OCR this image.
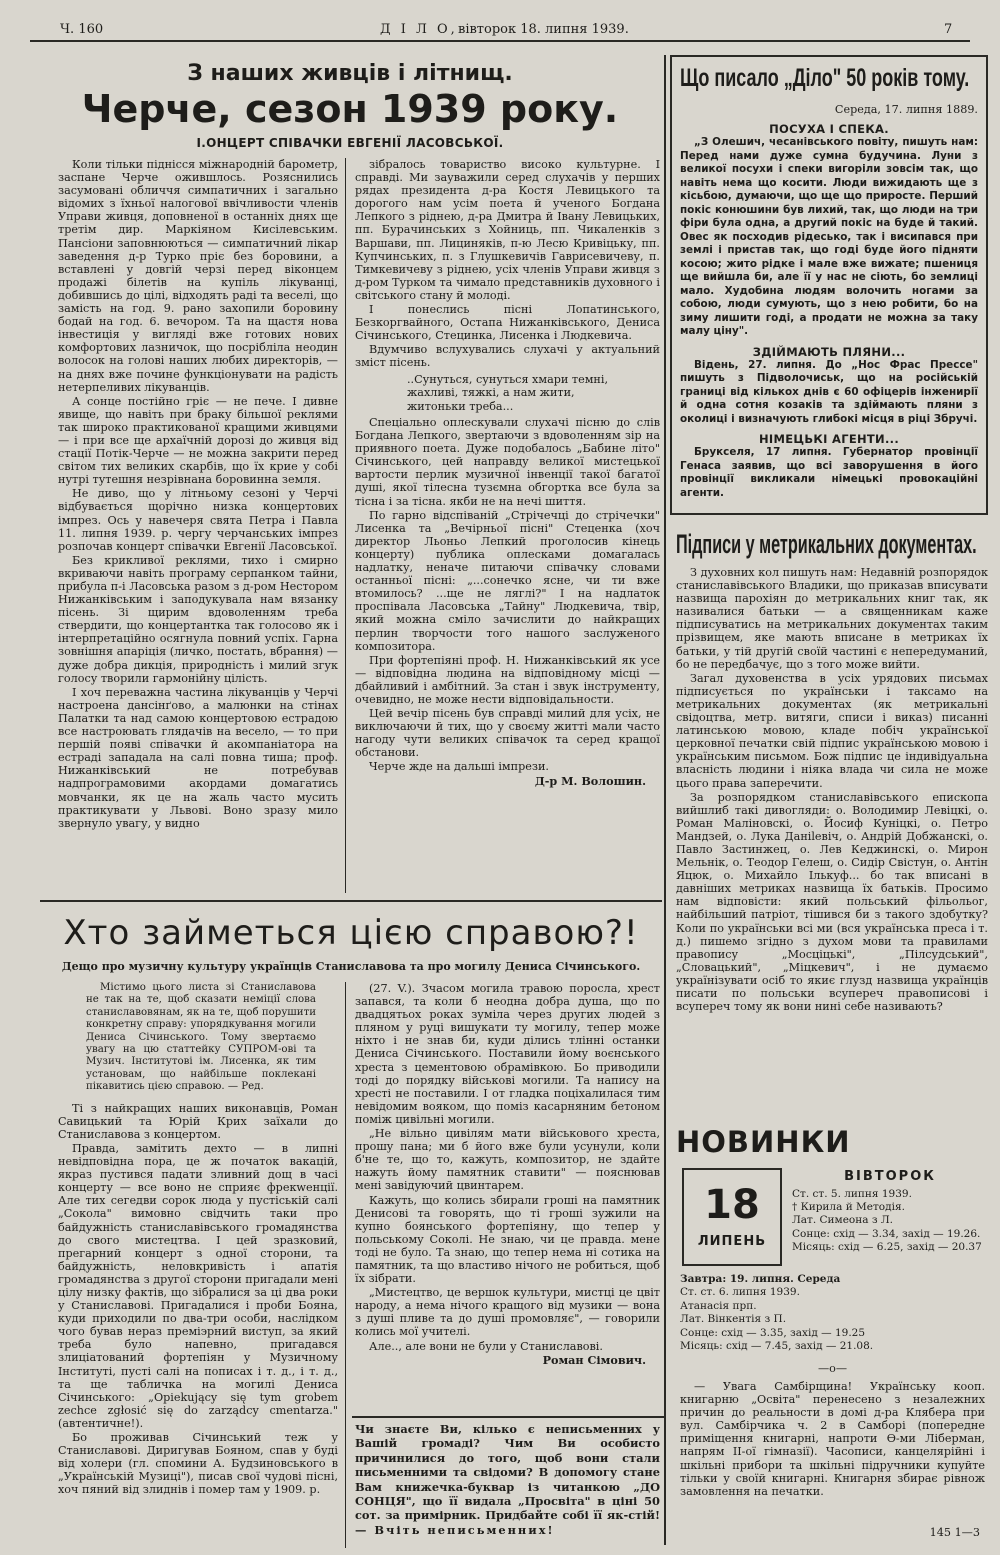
Ч. 160	Д І Л О, вівторок 18. липня 1939.	7
З наших живців і літнищ.
Черче, сезон 1939 року.
І.ОНЦЕРТ СПІВАЧКИ ЕВГЕНІЇ ЛАСОВСЬКОЇ.

Коли тільки піднісся міжнародній барометр, заспане Черче ожившлось. Розяснились засумовані обличчя симпатичних і загально відомих з їхньої налогової ввічливости членів Управи живця, доповненої в останніх днях ще третім дир. Маркіяном Кисілевським. Пансіони заповнюються — симпатичний лікар заведення д-р Турко пріє без боровини, а вставлені у довгій черзі перед віконцем продажі білетів на купіль лікуванці, добившись до цілі, відходять раді та веселі, що замість на год. 9. рано захопили боровину бодай на год. 6. вечором. Та на щастя нова інвестиція у вигляді вже готових нових комфортових лазничок, що посрібліла неодин волосок на голові наших любих директорів, — на днях вже почине функціонувати на радість нетерпеливих лікуванців.

А сонце постійно гріє — не пече. І дивне явище, що навіть при браку більшої реклями так широко практикованої кращими живцями — і при все ще архаїчній дорозі до живця від стації Потік-Черче — не можна закрити перед світом тих великих скарбів, що їх крие у собі нутрі тутешня незрівнана боровинна земля.

Не диво, що у літньому сезоні у Черчі відбувається щорічно низка концертових імпрез. Ось у навечеря свята Петра і Павла 11. липня 1939. р. чергу черчанських імпрез розпочав концерт співачки Евгенії Ласовської.

Без крикливої реклями, тихо і смирно вкриваючи навіть програму серпанком тайни, прибула п-і Ласовська разом з д-ром Нестором Нижанківським і заподукувала нам вязанку пісень. Зі щирим вдоволенням треба ствердити, що концертантка так голосово як і інтерпретаційно осягнула повний успіх. Гарна зовнішня апаріція (личко, постать, вбрання) — дуже добра дикція, природність і милий згук голосу творили гармонійну цілість.

І хоч переважна частина лікуванців у Черчі настроена дансінґово, а малюнки на стінах Палатки та над самою концертовою естрадою все настроювать глядачів на весело, — то при першій появі співачки й акомпаніатора на естраді западала на салі повна тиша; проф. Нижанківський не потребував надпрограмовими акордами домагатись мовчанки, як це на жаль часто мусить практикувати у Львові. Воно зразу мило звернуло увагу, у видно

зібралось товариство високо культурне. І справді. Ми зауважили серед слухачів у перших рядах президента д-ра Костя Левицького та дорогого нам усім поета й ученого Богдана Лепкого з ріднею, д-ра Дмитра й Івану Левицьких, пп. Бурачинських з Хойниць, пп. Чикаленків з Варшави, пп. Лициняків, п-ю Лесю Кривіцьку, пп. Купчинських, п. з Глушкевичів Гаврисевичеву, п. Тимкевичеву з ріднею, усіх членів Управи живця з д-ром Турком та чимало представників духовного і світського стану й молоді.

І понеслись пісні Лопатинського, Безкоргвайного, Остапа Нижанківського, Дениса Січинського, Стецинка, Лисенка і Людкевича.

Вдумчиво вслухувались слухачі у актуальний зміст пісень.

..Сунуться, сунуться хмари темні,
жахливі, тяжкі, а нам жити,
житоньки треба...

Спеціально оплескували слухачі пісню до слів Богдана Лепкого, звертаючи з вдоволенням зір на приявного поета. Дуже подобалось „Бабине літо" Січинського, цей направду великої мистецької вартости перлик музичної інвенції такої багатої душі, якої тілесна тузємна обгортка все була за тісна і за тісна. якби не на нечі шиття.

По гарно відспіваній „Стрічечці до стрічечки" Лисенка та „Вечірньої пісні" Стеценка (хоч директор Льоньо Лепкий проголосив кінець концерту) публика оплесками домагалась надлатку, неначе питаючи співачку словами останньої пісні: „...сонечко ясне, чи ти вже втомилось? ...ще не ляглі?" І на надлаток проспівала Ласовська „Тайну" Людкевича, твір, який можна сміло зачислити до найкращих перлин творчости того нашого заслуженого композитора.

При фортепіяні проф. Н. Нижанківський як усе — відповідна людина на відповідному місці — дбайливий і амбітний. За стан і звук інструменту, очевидно, не може нести відповідальности.

Цей вечір пісень був справді милий для усіх, не виключаючи й тих, що у своєму житті мали часто нагоду чути великих співачок та серед кращої обстанови.

Черче жде на дальші імпрези.

Д-р М. Волошин.

Що писало „Діло" 50 років тому.
Середа, 17. липня 1889.
ПОСУХА І СПЕКА.

„З Олешич, чесанівського повіту, пишуть нам: Перед нами дуже сумна будучина. Луни з великої посухи і спеки вигоріли зовсім так, що навіть нема що косити. Люди вижидають ще з кісьбою, думаючи, що ще що приросте. Перший покіс конюшини був лихий, так, що люди на три фіри була одна, а другий покіс на буде й такий. Овес як посходив рідесько, так і висипався при землі і пристав так, що годі буде його підняти косою; жито рідке і мале вже вижате; пшениця ще вийшла би, але її у нас не сіють, бо землиці мало. Худобина людям волочить ногами за собою, люди сумують, що з нею робити, бо на зиму лишити годі, а продати не можна за таку малу ціну".

ЗДІЙМАЮТЬ ПЛЯНИ...

Відень, 27. липня. До „Нос Фрас Прессе" пишуть з Підволочиськ, що на російській границі від кількох днів є 60 офіцерів інженирії й одна сотня козаків та здіймають пляни з околиці і визначують глибокі місця в ріці Збручі.

НІМЕЦЬКІ АГЕНТИ...

Брукселя, 17 липня. Губернатор провінції Генаса заявив, що всі заворушення в його провінції викликали німецькі провокаційні агенти.

Підписи у метрикальних документах.

З духовних кол пишуть нам: Недавній розпорядок станиславівського Владики, що приказав вписувати назвища парохіян до метрикальних книг так, як називалися батьки — а священникам каже підписуватись на метрикальних документах таким прізвищем, яке мають вписане в метриках їх батьки, у тій другій своїй частині є непередуманий, бо не передбачує, що з того може вийти.

Загал духовенства в усіх урядових письмах підписується по українськи і таксамо на метрикальних документах (як метрикальні свідоцтва, метр. витяги, списи і виказ) писанні латинською мовою, кладе побіч української церковної печатки свій підпис українською мовою і українським письмом. Бож підпис це індивідуальна власність людини і ніяка влада чи сила не може цього права заперечити.

За розпорядком станиславівського епископа вийшлиб такі дивогляди: о. Володимир Левіцкі, о. Роман Маліновскі, о. Йосиф Куніцкі, о. Петро Мандзей, о. Лука Даніlевіч, о. Андрій Добжанскі, о. Павло Застинжец, о. Лев Кеджинскі, о. Мирон Мельнік, о. Теодор Гелеш, о. Сидір Свістун, о. Антін Яцюк, о. Михайло Ількуф... бо так вписані в давніших метриках назвища їх батьків. Просимо нам відповісти: який польський фільольог, найбільший патріот, тішився би з такого здобутку? Коли по українськи всі ми (вся українська преса і т. д.) пишемо згідно з духом мови та правилами правопису „Мосціцькі", „Пілсудський", „Словацький", „Міцкевич", і не думаємо українізувати осіб то якиє глузд назвища українців писати по польськи всупереч правописові і всупереч тому як вони нині себе називають?

НОВИНКИ
18
ЛИПЕНЬ
ВІВТОРОК
Ст. ст. 5. липня 1939.
† Кирила й Методія.
Лат. Симеона з Л.
Сонце: схід — 3.34, захід — 19.26.
Місяць: схід — 6.25, захід — 20.37
Завтра: 19. липня. Середа
Ст. ст. 6. липня 1939.
Атанасія прп.
Лат. Вінкентія з П.
Сонце: схід — 3.35, захід — 19.25
Місяць: схід — 7.45, захід — 21.08.
—o—

— Увага Самбірщина! Українську кооп. книгарню „Освіта" перенесено з незалежних причин до реальности в домі д-ра Клябера при вул. Самбірчика ч. 2 в Самборі (попередне приміщення книгарні, напроти Ѳ-ми Ліберман, напрям II-ої гімназії). Часописи, канцелярійні і шкільні прибори та шкільні підручники купуйте тільки у своїй книгарні. Книгарня збирає рівнож замовлення на печатки.

145 1—3
Хто займеться цією справою?!
Дещо про музичну культуру українців Станиславова та про могилу Дениса Січинського.

Містимо цього листа зі Станиславова не так на те, щоб сказати неміції слова станиславовянам, як на те, щоб порушити конкретну справу: упорядкування могили Дениса Січинського. Тому звертаємо увагу на цю статтейку СУПРОМ-ові та Музич. Інститутові ім. Лисенка, як тим установам, що найбільше поклекані пікавитись цією справою. — Ред.

Ті з найкращих наших виконавців, Роман Савицький та Юрій Крих заїхали до Станиславова з концертом.

Правда, замітить дехто — в липні невідповідна пора, це ж початок вакацій, якраз пустився падати зливний дощ в часі концерту — все воно не сприяє фрекwенції. Але тих сегедви сорок люда у пустіській салі „Сокола" вимовно свідчить таки про байдужність станиславівського громадянства до свого мистецтва. І цей зразковий, прегарний концерт з одної сторони, та байдужність, неловкривість і апатія громадянства з другої сторони пригадали мені цілу низку фактів, що зібралися за ці два роки у Станиславові. Пригадалися і проби Бояна, куди приходили по два-три особи, наслідком чого бував нераз преміэрний виступ, за який треба було напевно, пригадався злиціатований фортепіян у Музичному Інституті, пусті салі на пописах і т. д., і т. д., та ще табличка на могилі Дениса Січинського: „Opiekujący się tym grobem zechce zgłosić się do zarządcy cmentarza." (автентичне!).

Бо проживав Січинський теж у Станиславові. Диригував Бояном, спав у буді від холери (гл. спомини А. Будзиновського в „Українській Музиці"), писав свої чудові пісні, хоч пяний від злиднів і помер там у 1909. р.

(27. V.). Зчасом могила травою поросла, хрест запався, та коли б неодна добра душа, що по двадцятьох роках зуміла через других людей з пляном у руці вишукати ту могилу, тепер може ніхто і не знав би, куди ділись тлінні останки Дениса Січинського. Поставили йому воєнського хреста з цементовою обрамівкою. Бо приводили тоді до порядку військові могили. Та напису на хресті не поставили. І от гладка поціхалилася тим невідомим вояком, що поміз касарняним бетоном поміж цивільні могили.

„Не вільно цивілям мати військового хреста, прошу пана; ми б його вже були усунули, коли б'не те, що то, кажуть, композитор, не здайте нажуть йому памятник ставити" — пояснював мені завідуючий цвинтарем.

Кажуть, що колись збирали гроші на памятник Денисові та говорять, що ті гроші зужили на купно боянського фортепіяну, що тепер у польському Соколі. Не знаю, чи це правда. мене тоді не було. Та знаю, що тепер нема ні сотика на памятник, та що властиво нічого не робиться, щоб їх зібрати.

„Мистецтво, це вершок культури, мистці це цвіт народу, а нема нічого кращого від музики — вона з душі пливе та до душі промовляє", — говорили колись мої учителі.

Але.., але вони не були у Станиславові.

Роман Сімович.

Чи знаєте Ви, кілько є неписьменних у Вашій громаді? Чим Ви особисто причинилися до того, щоб вони стали письменними та свідоми? В допомогу стане Вам книжечка-буквар із читанкою „ДО СОНЦЯ", що її видала „Просвіта" в ціні 50 сот. за примірник. Придбайте собі її як-стій! — Вчіть неписьменних!
